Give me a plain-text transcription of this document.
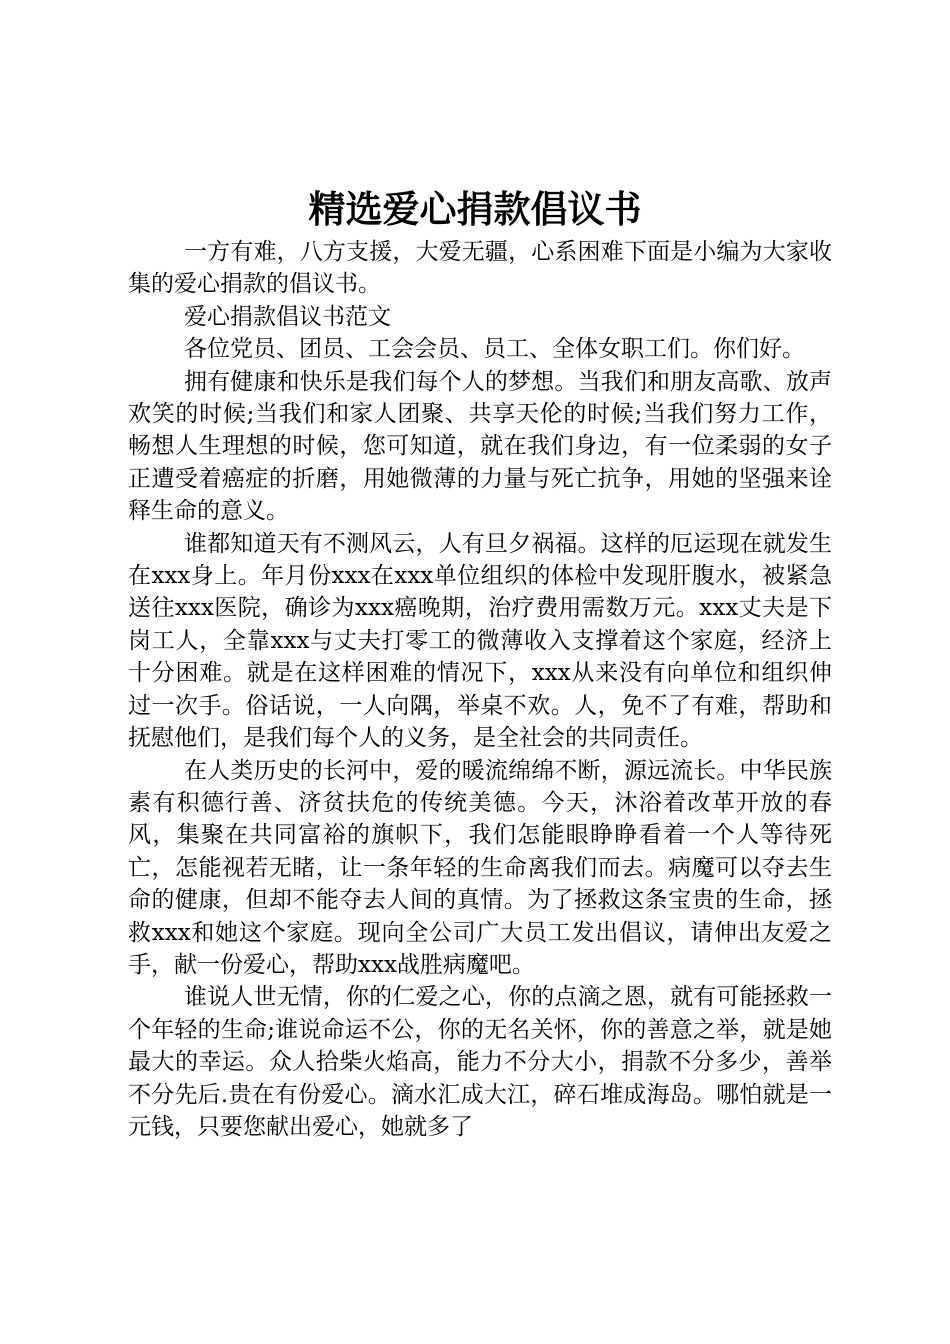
精选爱心捐款倡议书

一方有难，八方支援，大爱无疆，心系困难下面是小编为大家收集的爱心捐款的倡议书。

爱心捐款倡议书范文

各位党员、团员、工会会员、员工、全体女职工们。你们好。

拥有健康和快乐是我们每个人的梦想。当我们和朋友高歌、放声欢笑的时候;当我们和家人团聚、共享天伦的时候;当我们努力工作，畅想人生理想的时候，您可知道，就在我们身边，有一位柔弱的女子正遭受着癌症的折磨，用她微薄的力量与死亡抗争，用她的坚强来诠释生命的意义。

谁都知道天有不测风云，人有旦夕祸福。这样的厄运现在就发生在xxx身上。年月份xxx在xxx单位组织的体检中发现肝腹水，被紧急送往xxx医院，确诊为xxx癌晚期，治疗费用需数万元。xxx丈夫是下岗工人，全靠xxx与丈夫打零工的微薄收入支撑着这个家庭，经济上十分困难。就是在这样困难的情况下，xxx从来没有向单位和组织伸过一次手。俗话说，一人向隅，举桌不欢。人，免不了有难，帮助和抚慰他们，是我们每个人的义务，是全社会的共同责任。

在人类历史的长河中，爱的暖流绵绵不断，源远流长。中华民族素有积德行善、济贫扶危的传统美德。今天，沐浴着改革开放的春风，集聚在共同富裕的旗帜下，我们怎能眼睁睁看着一个人等待死亡，怎能视若无睹，让一条年轻的生命离我们而去。病魔可以夺去生命的健康，但却不能夺去人间的真情。为了拯救这条宝贵的生命，拯救xxx和她这个家庭。现向全公司广大员工发出倡议，请伸出友爱之手，献一份爱心，帮助xxx战胜病魔吧。

谁说人世无情，你的仁爱之心，你的点滴之恩，就有可能拯救一个年轻的生命;谁说命运不公，你的无名关怀，你的善意之举，就是她最大的幸运。众人拾柴火焰高，能力不分大小，捐款不分多少，善举不分先后.贵在有份爱心。滴水汇成大江，碎石堆成海岛。哪怕就是一元钱，只要您献出爱心，她就多了
